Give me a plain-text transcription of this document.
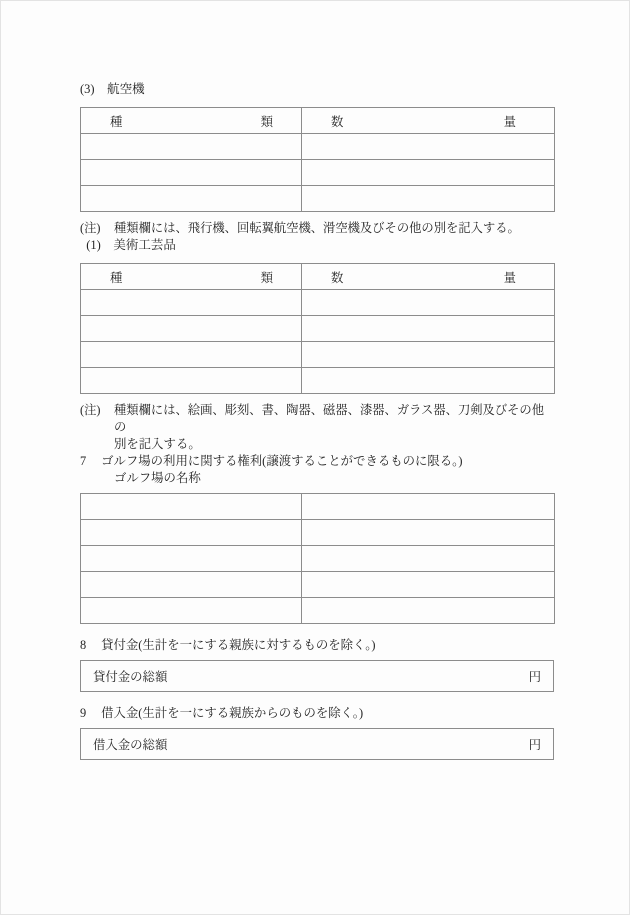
(3) 航空機

種 類	数 量

(注) 種類欄には、飛行機、回転翼航空機、滑空機及びその他の別を記入する。

(1) 美術工芸品

種 類	数 量

(注) 種類欄には、絵画、彫刻、書、陶器、磁器、漆器、ガラス器、刀剣及びその他の

別を記入する。

7 ゴルフ場の利用に関する権利(譲渡することができるものに限る。)

ゴルフ場の名称

8 貸付金(生計を一にする親族に対するものを除く。)

貸付金の総額	円

9 借入金(生計を一にする親族からのものを除く。)

借入金の総額	円
